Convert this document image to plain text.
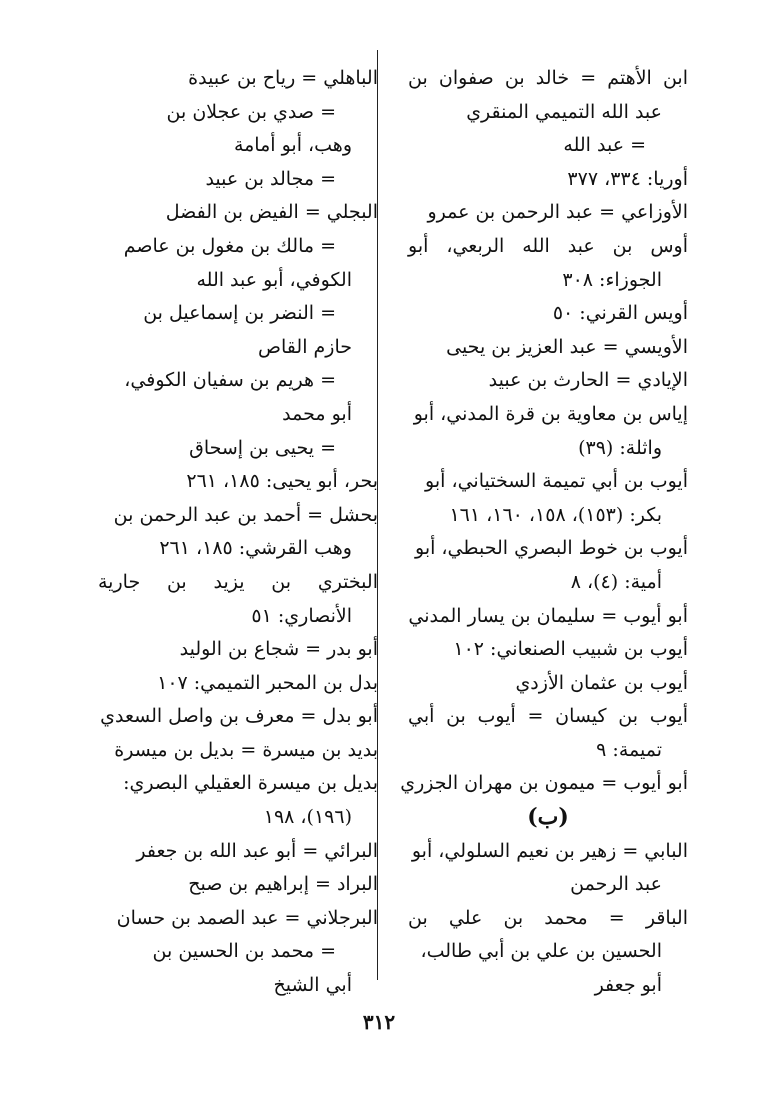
ابن الأهتم = خالد بن صفوان بن
عبد الله التميمي المنقري
= عبد الله
أوريا: ٣٣٤، ٣٧٧
الأوزاعي = عبد الرحمن بن عمرو
أوس بن عبد الله الربعي، أبو
الجوزاء: ٣٠٨
أويس القرني: ٥٠
الأويسي = عبد العزيز بن يحيى
الإيادي = الحارث بن عبيد
إياس بن معاوية بن قرة المدني، أبو
واثلة: (٣٩)
أيوب بن أبي تميمة السختياني، أبو
بكر: (١٥٣)، ١٥٨، ١٦٠، ١٦١
أيوب بن خوط البصري الحبطي، أبو
أمية: (٤)، ٨
أبو أيوب = سليمان بن يسار المدني
أيوب بن شبيب الصنعاني: ١٠٢
أيوب بن عثمان الأزدي
أيوب بن كيسان = أيوب بن أبي
تميمة: ٩
أبو أيوب = ميمون بن مهران الجزري
(ب)
البابي = زهير بن نعيم السلولي، أبو
عبد الرحمن
الباقر = محمد بن علي بن
الحسين بن علي بن أبي طالب،
أبو جعفر
الباهلي = رياح بن عبيدة
= صدي بن عجلان بن
وهب، أبو أمامة
= مجالد بن عبيد
البجلي = الفيض بن الفضل
= مالك بن مغول بن عاصم
الكوفي، أبو عبد الله
= النضر بن إسماعيل بن
حازم القاص
= هريم بن سفيان الكوفي،
أبو محمد
= يحيى بن إسحاق
بحر، أبو يحيى: ١٨٥، ٢٦١
بحشل = أحمد بن عبد الرحمن بن
وهب القرشي: ١٨٥، ٢٦١
البختري بن يزيد بن جارية
الأنصاري: ٥١
أبو بدر = شجاع بن الوليد
بدل بن المحبر التميمي: ١٠٧
أبو بدل = معرف بن واصل السعدي
بديد بن ميسرة = بديل بن ميسرة
بديل بن ميسرة العقيلي البصري:
(١٩٦)، ١٩٨
البرائي = أبو عبد الله بن جعفر
البراد = إبراهيم بن صبح
البرجلاني = عبد الصمد بن حسان
= محمد بن الحسين بن
أبي الشيخ
٣١٢
